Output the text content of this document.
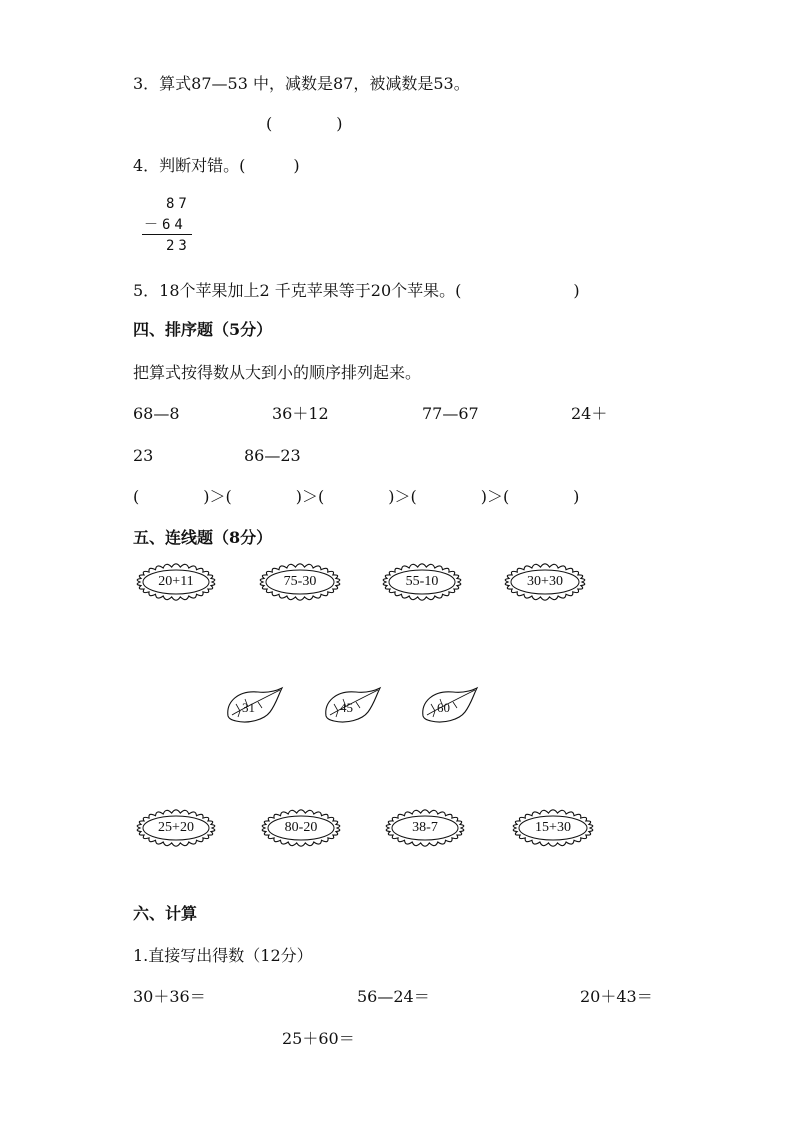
3．算式87—53 中，减数是87，被减数是53。
(　　　　)
4．判断对错。(　　　)
87
－64
23
5．18个苹果加上2 千克苹果等于20个苹果。(　　　　　　　)
四、排序题（5分）
把算式按得数从大到小的顺序排列起来。
68—8	36＋12	77—67	24＋
23	86—23
(　　　　)＞(　　　　)＞(　　　　)＞(　　　　)＞(　　　　)
五、连线题（8分）
20+11	75-30	55-10	30+30
31	45	60
25+20	80-20	38-7	15+30
六、计算
1.直接写出得数（12分）
30＋36＝	56—24＝	20＋43＝
25＋60＝
